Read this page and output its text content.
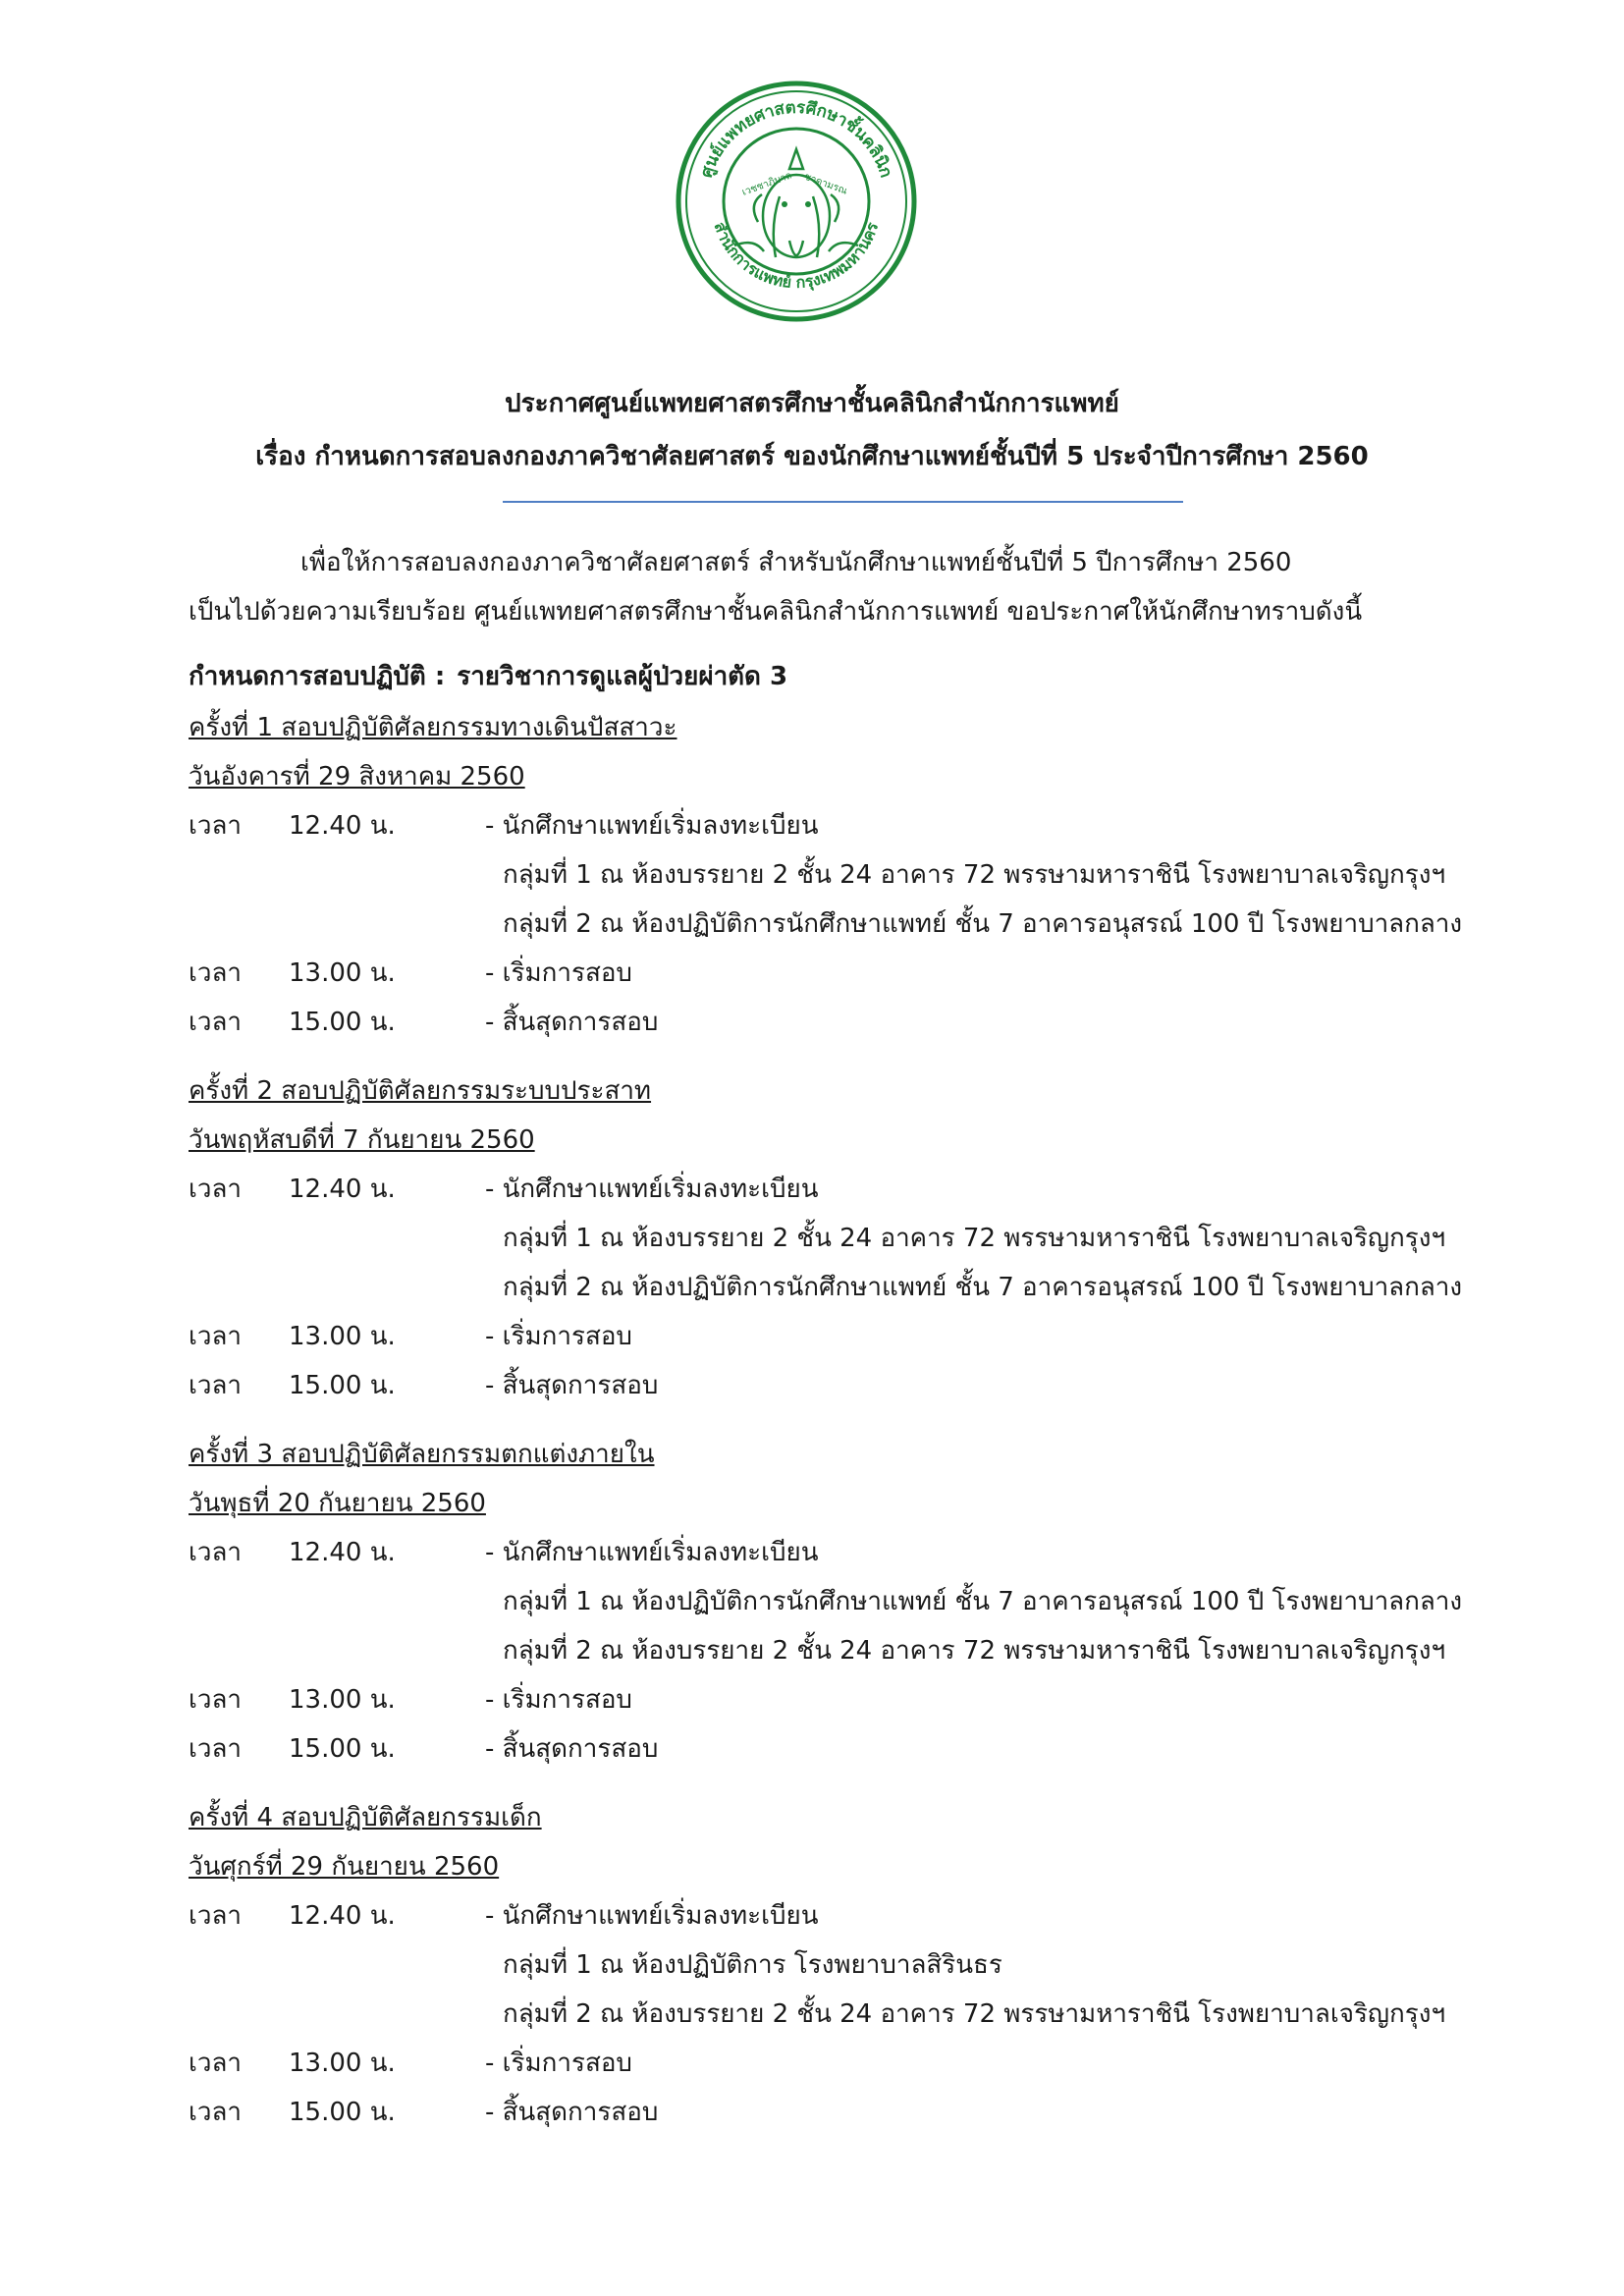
ศูนย์แพทยศาสตรศึกษาชั้นคลินิก
สำนักการแพทย์ กรุงเทพมหานคร
เวชชาภิบาล ชาดามรณ
ประกาศศูนย์แพทยศาสตรศึกษาชั้นคลินิกสำนักการแพทย์
เรื่อง กำหนดการสอบลงกองภาควิชาศัลยศาสตร์ ของนักศึกษาแพทย์ชั้นปีที่ 5 ประจำปีการศึกษา 2560
เพื่อให้การสอบลงกองภาควิชาศัลยศาสตร์ สำหรับนักศึกษาแพทย์ชั้นปีที่ 5 ปีการศึกษา 2560
เป็นไปด้วยความเรียบร้อย ศูนย์แพทยศาสตรศึกษาชั้นคลินิกสำนักการแพทย์ ขอประกาศให้นักศึกษาทราบดังนี้
กำหนดการสอบปฏิบัติ : รายวิชาการดูแลผู้ป่วยผ่าตัด 3
ครั้งที่ 1 สอบปฏิบัติศัลยกรรมทางเดินปัสสาวะ
วันอังคารที่ 29 สิงหาคม 2560
เวลา 12.40 น.	- นักศึกษาแพทย์เริ่มลงทะเบียน
กลุ่มที่ 1 ณ ห้องบรรยาย 2 ชั้น 24 อาคาร 72 พรรษามหาราชินี โรงพยาบาลเจริญกรุงฯ
กลุ่มที่ 2 ณ ห้องปฏิบัติการนักศึกษาแพทย์ ชั้น 7 อาคารอนุสรณ์ 100 ปี โรงพยาบาลกลาง
เวลา 13.00 น.	- เริ่มการสอบ
เวลา 15.00 น.	- สิ้นสุดการสอบ
ครั้งที่ 2 สอบปฏิบัติศัลยกรรมระบบประสาท
วันพฤหัสบดีที่ 7 กันยายน 2560
เวลา 12.40 น.	- นักศึกษาแพทย์เริ่มลงทะเบียน
กลุ่มที่ 1 ณ ห้องบรรยาย 2 ชั้น 24 อาคาร 72 พรรษามหาราชินี โรงพยาบาลเจริญกรุงฯ
กลุ่มที่ 2 ณ ห้องปฏิบัติการนักศึกษาแพทย์ ชั้น 7 อาคารอนุสรณ์ 100 ปี โรงพยาบาลกลาง
เวลา 13.00 น.	- เริ่มการสอบ
เวลา 15.00 น.	- สิ้นสุดการสอบ
ครั้งที่ 3 สอบปฏิบัติศัลยกรรมตกแต่งภายใน
วันพุธที่ 20 กันยายน 2560
เวลา 12.40 น.	- นักศึกษาแพทย์เริ่มลงทะเบียน
กลุ่มที่ 1 ณ ห้องปฏิบัติการนักศึกษาแพทย์ ชั้น 7 อาคารอนุสรณ์ 100 ปี โรงพยาบาลกลาง
กลุ่มที่ 2 ณ ห้องบรรยาย 2 ชั้น 24 อาคาร 72 พรรษามหาราชินี โรงพยาบาลเจริญกรุงฯ
เวลา 13.00 น.	- เริ่มการสอบ
เวลา 15.00 น.	- สิ้นสุดการสอบ
ครั้งที่ 4 สอบปฏิบัติศัลยกรรมเด็ก
วันศุกร์ที่ 29 กันยายน 2560
เวลา 12.40 น.	- นักศึกษาแพทย์เริ่มลงทะเบียน
กลุ่มที่ 1 ณ ห้องปฏิบัติการ โรงพยาบาลสิรินธร
กลุ่มที่ 2 ณ ห้องบรรยาย 2 ชั้น 24 อาคาร 72 พรรษามหาราชินี โรงพยาบาลเจริญกรุงฯ
เวลา 13.00 น.	- เริ่มการสอบ
เวลา 15.00 น.	- สิ้นสุดการสอบ
